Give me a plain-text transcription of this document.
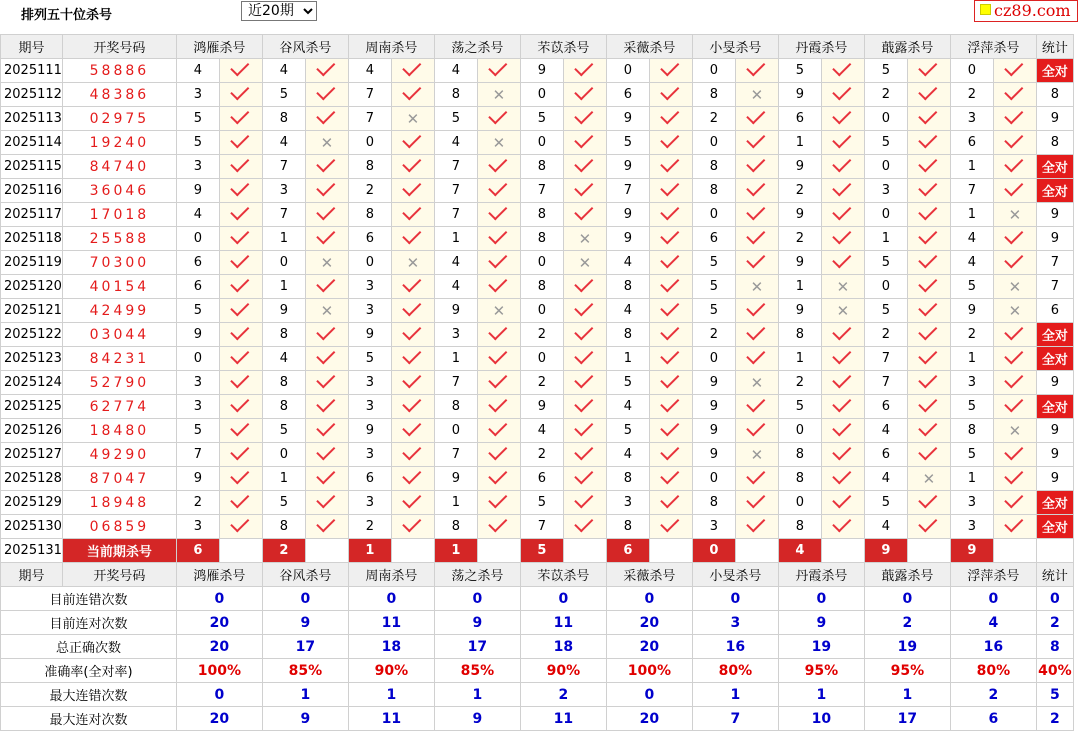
排列五十位杀号
近20期	cz89.com
期号	开奖号码	鸿雁杀号		谷风杀号		周南杀号		荡之杀号		芣苡杀号		采薇杀号		小旻杀号		丹霞杀号		蕺露杀号		浮萍杀号		统计
2025111	58886	4		4		4		4		9		0		0		5		5		0		全对
2025112	48386	3		5		7		8	✕	0		6		8	✕	9		2		2		8
2025113	02975	5		8		7	✕	5		5		9		2		6		0		3		9
2025114	19240	5		4	✕	0		4	✕	0		5		0		1		5		6		8
2025115	84740	3		7		8		7		8		9		8		9		0		1		全对
2025116	36046	9		3		2		7		7		7		8		2		3		7		全对
2025117	17018	4		7		8		7		8		9		0		9		0		1	✕	9
2025118	25588	0		1		6		1		8	✕	9		6		2		1		4		9
2025119	70300	6		0	✕	0	✕	4		0	✕	4		5		9		5		4		7
2025120	40154	6		1		3		4		8		8		5	✕	1	✕	0		5	✕	7
2025121	42499	5		9	✕	3		9	✕	0		4		5		9	✕	5		9	✕	6
2025122	03044	9		8		9		3		2		8		2		8		2		2		全对
2025123	84231	0		4		5		1		0		1		0		1		7		1		全对
2025124	52790	3		8		3		7		2		5		9	✕	2		7		3		9
2025125	62774	3		8		3		8		9		4		9		5		6		5		全对
2025126	18480	5		5		9		0		4		5		9		0		4		8	✕	9
2025127	49290	7		0		3		7		2		4		9	✕	8		6		5		9
2025128	87047	9		1		6		9		6		8		0		8		4	✕	1		9
2025129	18948	2		5		3		1		5		3		8		0		5		3		全对
2025130	06859	3		8		2		8		7		8		3		8		4		3		全对
2025131	当前期杀号	6		2		1		1		5		6		0		4		9		9		
期号	开奖号码	鸿雁杀号		谷风杀号		周南杀号		荡之杀号		芣苡杀号		采薇杀号		小旻杀号		丹霞杀号		蕺露杀号		浮萍杀号		统计
目前连错次数		0		0		0		0		0		0		0		0		0		0		0
目前连对次数		20		9		11		9		11		20		3		9		2		4		2
总正确次数		20		17		18		17		18		20		16		19		19		16		8
准确率(全对率)		100%		85%		90%		85%		90%		100%		80%		95%		95%		80%		40%
最大连错次数		0		1		1		1		2		0		1		1		1		2		5
最大连对次数		20		9		11		9		11		20		7		10		17		6		2
